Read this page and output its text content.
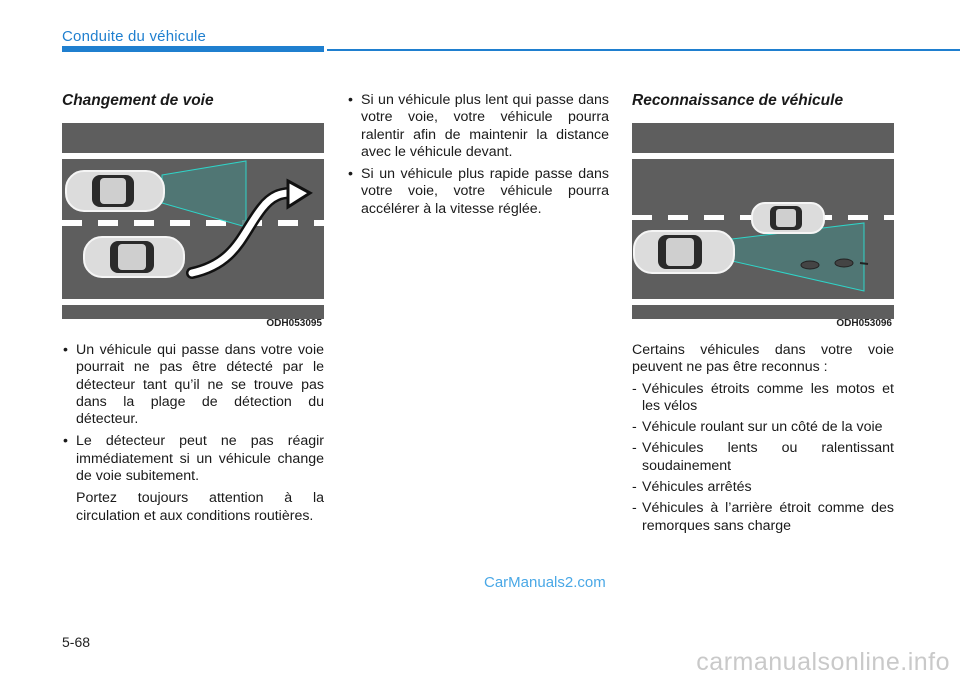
Conduite du véhicule
Changement de voie
ODH053095
• Un véhicule qui passe dans votre voie pourrait ne pas être détecté par le détecteur tant qu’il ne se trouve pas dans la plage de détection du détecteur.
• Le détecteur peut ne pas réagir immédiatement si un véhicule change de voie subitement.

Portez toujours attention à la circulation et aux conditions routières.

• Si un véhicule plus lent qui passe dans votre voie, votre véhicule pourra ralentir afin de maintenir la distance avec le véhicule devant.
• Si un véhicule plus rapide passe dans votre voie, votre véhicule pourra accélérer à la vitesse réglée.
Reconnaissance de véhicule
ODH053096

Certains véhicules dans votre voie peuvent ne pas être reconnus :

- Véhicules étroits comme les motos et les vélos
- Véhicule roulant sur un côté de la voie
- Véhicules lents ou ralentissant soudainement
- Véhicules arrêtés
- Véhicules à l’arrière étroit comme des remorques sans charge
CarManuals2.com
5-68
carmanualsonline.info
